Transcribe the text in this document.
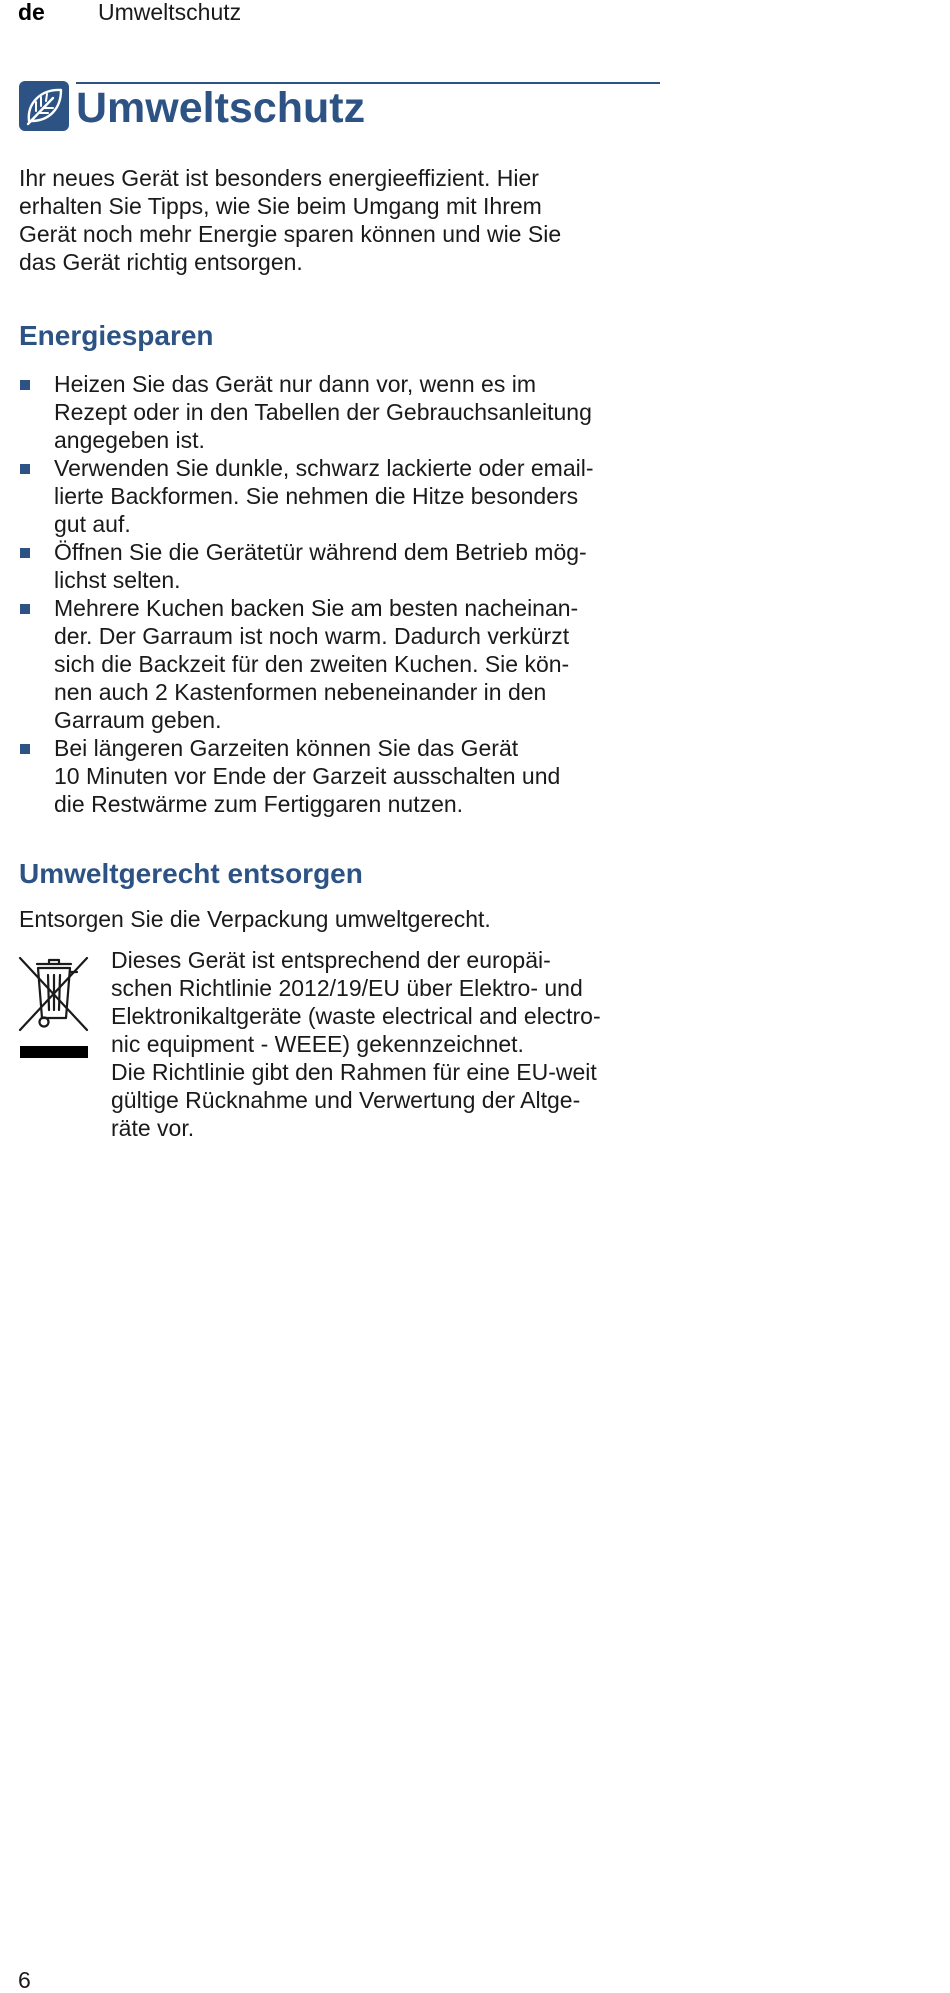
de Umweltschutz
Umweltschutz

Ihr neues Gerät ist besonders energieeffizient. Hier
erhalten Sie Tipps, wie Sie beim Umgang mit Ihrem
Gerät noch mehr Energie sparen können und wie Sie
das Gerät richtig entsorgen.

Energiesparen
Heizen Sie das Gerät nur dann vor, wenn es im
Rezept oder in den Tabellen der Gebrauchsanleitung
angegeben ist.
Verwenden Sie dunkle, schwarz lackierte oder email-
lierte Backformen. Sie nehmen die Hitze besonders
gut auf.
Öffnen Sie die Gerätetür während dem Betrieb mög-
lichst selten.
Mehrere Kuchen backen Sie am besten nacheinan-
der. Der Garraum ist noch warm. Dadurch verkürzt
sich die Backzeit für den zweiten Kuchen. Sie kön-
nen auch 2 Kastenformen nebeneinander in den
Garraum geben.
Bei längeren Garzeiten können Sie das Gerät
10 Minuten vor Ende der Garzeit ausschalten und
die Restwärme zum Fertiggaren nutzen.
Umweltgerecht entsorgen

Entsorgen Sie die Verpackung umweltgerecht.

Dieses Gerät ist entsprechend der europäi-
schen Richtlinie 2012/19/EU über Elektro- und
Elektronikaltgeräte (waste electrical and electro-
nic equipment - WEEE) gekennzeichnet.
Die Richtlinie gibt den Rahmen für eine EU-weit
gültige Rücknahme und Verwertung der Altge-
räte vor.

6
